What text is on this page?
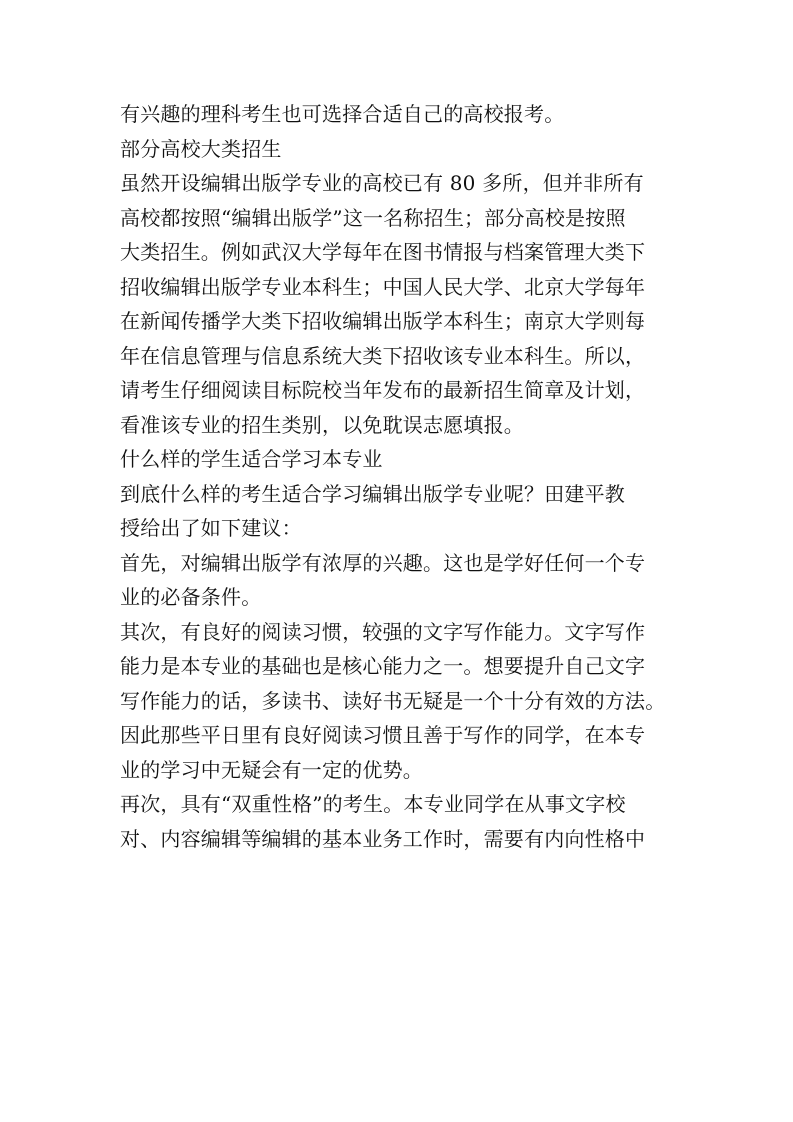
有兴趣的理科考生也可选择合适自己的高校报考。
部分高校大类招生
虽然开设编辑出版学专业的高校已有 80 多所，但并非所有
高校都按照“编辑出版学”这一名称招生；部分高校是按照
大类招生。例如武汉大学每年在图书情报与档案管理大类下
招收编辑出版学专业本科生；中国人民大学、北京大学每年
在新闻传播学大类下招收编辑出版学本科生；南京大学则每
年在信息管理与信息系统大类下招收该专业本科生。所以，
请考生仔细阅读目标院校当年发布的最新招生简章及计划，
看准该专业的招生类别，以免耽误志愿填报。
什么样的学生适合学习本专业
到底什么样的考生适合学习编辑出版学专业呢？田建平教
授给出了如下建议：
首先，对编辑出版学有浓厚的兴趣。这也是学好任何一个专
业的必备条件。
其次，有良好的阅读习惯，较强的文字写作能力。文字写作
能力是本专业的基础也是核心能力之一。想要提升自己文字
写作能力的话，多读书、读好书无疑是一个十分有效的方法。
因此那些平日里有良好阅读习惯且善于写作的同学，在本专
业的学习中无疑会有一定的优势。
再次，具有“双重性格”的考生。本专业同学在从事文字校
对、内容编辑等编辑的基本业务工作时，需要有内向性格中
